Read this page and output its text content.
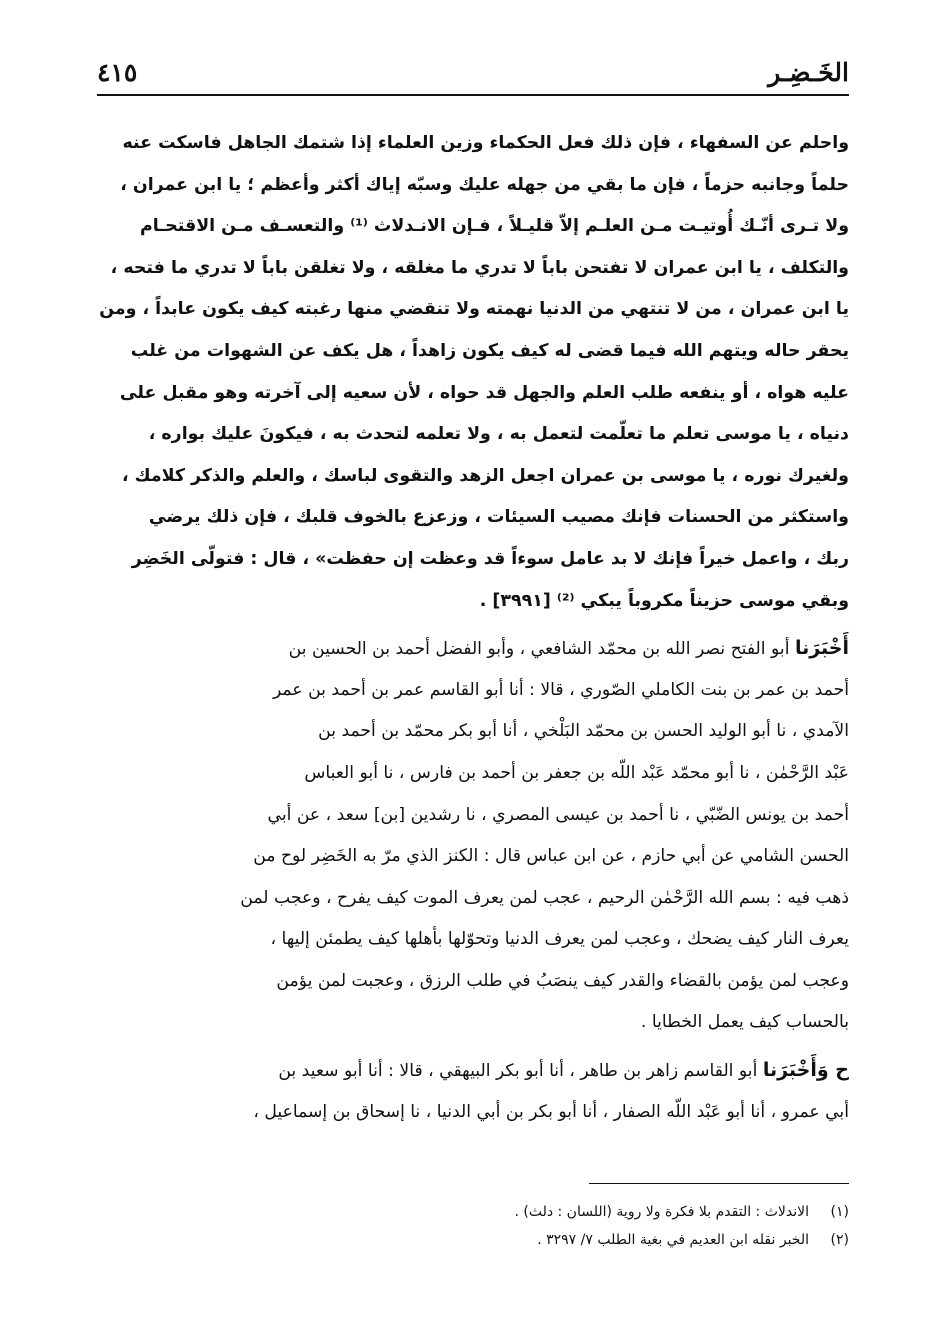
الخَـضِـر
٤١٥
واحلم عن السفهاء ، فإن ذلك فعل الحكماء وزين العلماء إذا شتمك الجاهل فاسكت عنه
حلماً وجانبه حزماً ، فإن ما بقي من جهله عليك وسبّه إياك أكثر وأعظم ؛ يا ابن عمران ،
ولا تـرى أنّـك أُوتيـت مـن العلـم إلاّ قليـلاً ، فـإن الانـدلاث ⁽¹⁾ والتعسـف مـن الاقتحـام
والتكلف ، يا ابن عمران لا تفتحن باباً لا تدري ما مغلقه ، ولا تغلقن باباً لا تدري ما فتحه ،
يا ابن عمران ، من لا تنتهي من الدنيا نهمته ولا تنقضي منها رغبته كيف يكون عابداً ، ومن
يحقر حاله ويتهم الله فيما قضى له كيف يكون زاهداً ، هل يكف عن الشهوات من غلب
عليه هواه ، أو ينفعه طلب العلم والجهل قد حواه ، لأن سعيه إلى آخرته وهو مقبل على
دنياه ، يا موسى تعلم ما تعلّمت لتعمل به ، ولا تعلمه لتحدث به ، فيكونَ عليك بواره ،
ولغيرك نوره ، يا موسى بن عمران اجعل الزهد والتقوى لباسك ، والعلم والذكر كلامك ،
واستكثر من الحسنات فإنك مصيب السيئات ، وزعزع بالخوف قلبك ، فإن ذلك يرضي
ربك ، واعمل خيراً فإنك لا بد عامل سوءاً قد وعظت إن حفظت» ، قال : فتولّى الخَضِر
وبقي موسى حزيناً مكروباً يبكي ⁽²⁾ [٣٩٩١] .
أَخْبَرَنا أبو الفتح نصر الله بن محمّد الشافعي ، وأبو الفضل أحمد بن الحسين بن
أحمد بن عمر بن بنت الكاملي الصّوري ، قالا : أنا أبو القاسم عمر بن أحمد بن عمر
الآمدي ، نا أبو الوليد الحسن بن محمّد البَلْخي ، أنا أبو بكر محمّد بن أحمد بن
عَبْد الرَّحْمٰن ، نا أبو محمّد عَبْد اللّه بن جعفر بن أحمد بن فارس ، نا أبو العباس
أحمد بن يونس الضّبّي ، نا أحمد بن عيسى المصري ، نا رشدين [بن] سعد ، عن أبي
الحسن الشامي عن أبي حازم ، عن ابن عباس قال : الكنز الذي مرّ به الخَضِر لوح من
ذهب فيه : بسم الله الرَّحْمٰن الرحيم ، عجب لمن يعرف الموت كيف يفرح ، وعجب لمن
يعرف النار كيف يضحك ، وعجب لمن يعرف الدنيا وتحوّلها بأهلها كيف يطمئن إليها ،
وعجب لمن يؤمن بالقضاء والقدر كيف ينصَبُ في طلب الرزق ، وعجبت لمن يؤمن
بالحساب كيف يعمل الخطايا .
ح وَأَخْبَرَنا أبو القاسم زاهر بن طاهر ، أنا أبو بكر البيهقي ، قالا : أنا أبو سعيد بن
أبي عمرو ، أنا أبو عَبْد اللّه الصفار ، أنا أبو بكر بن أبي الدنيا ، نا إسحاق بن إسماعيل ،
(١)
الاندلاث : التقدم بلا فكرة ولا روية (اللسان : دلث) .
(٢)
الخبر نقله ابن العديم في بغية الطلب ٧/ ٣٢٩٧ .
